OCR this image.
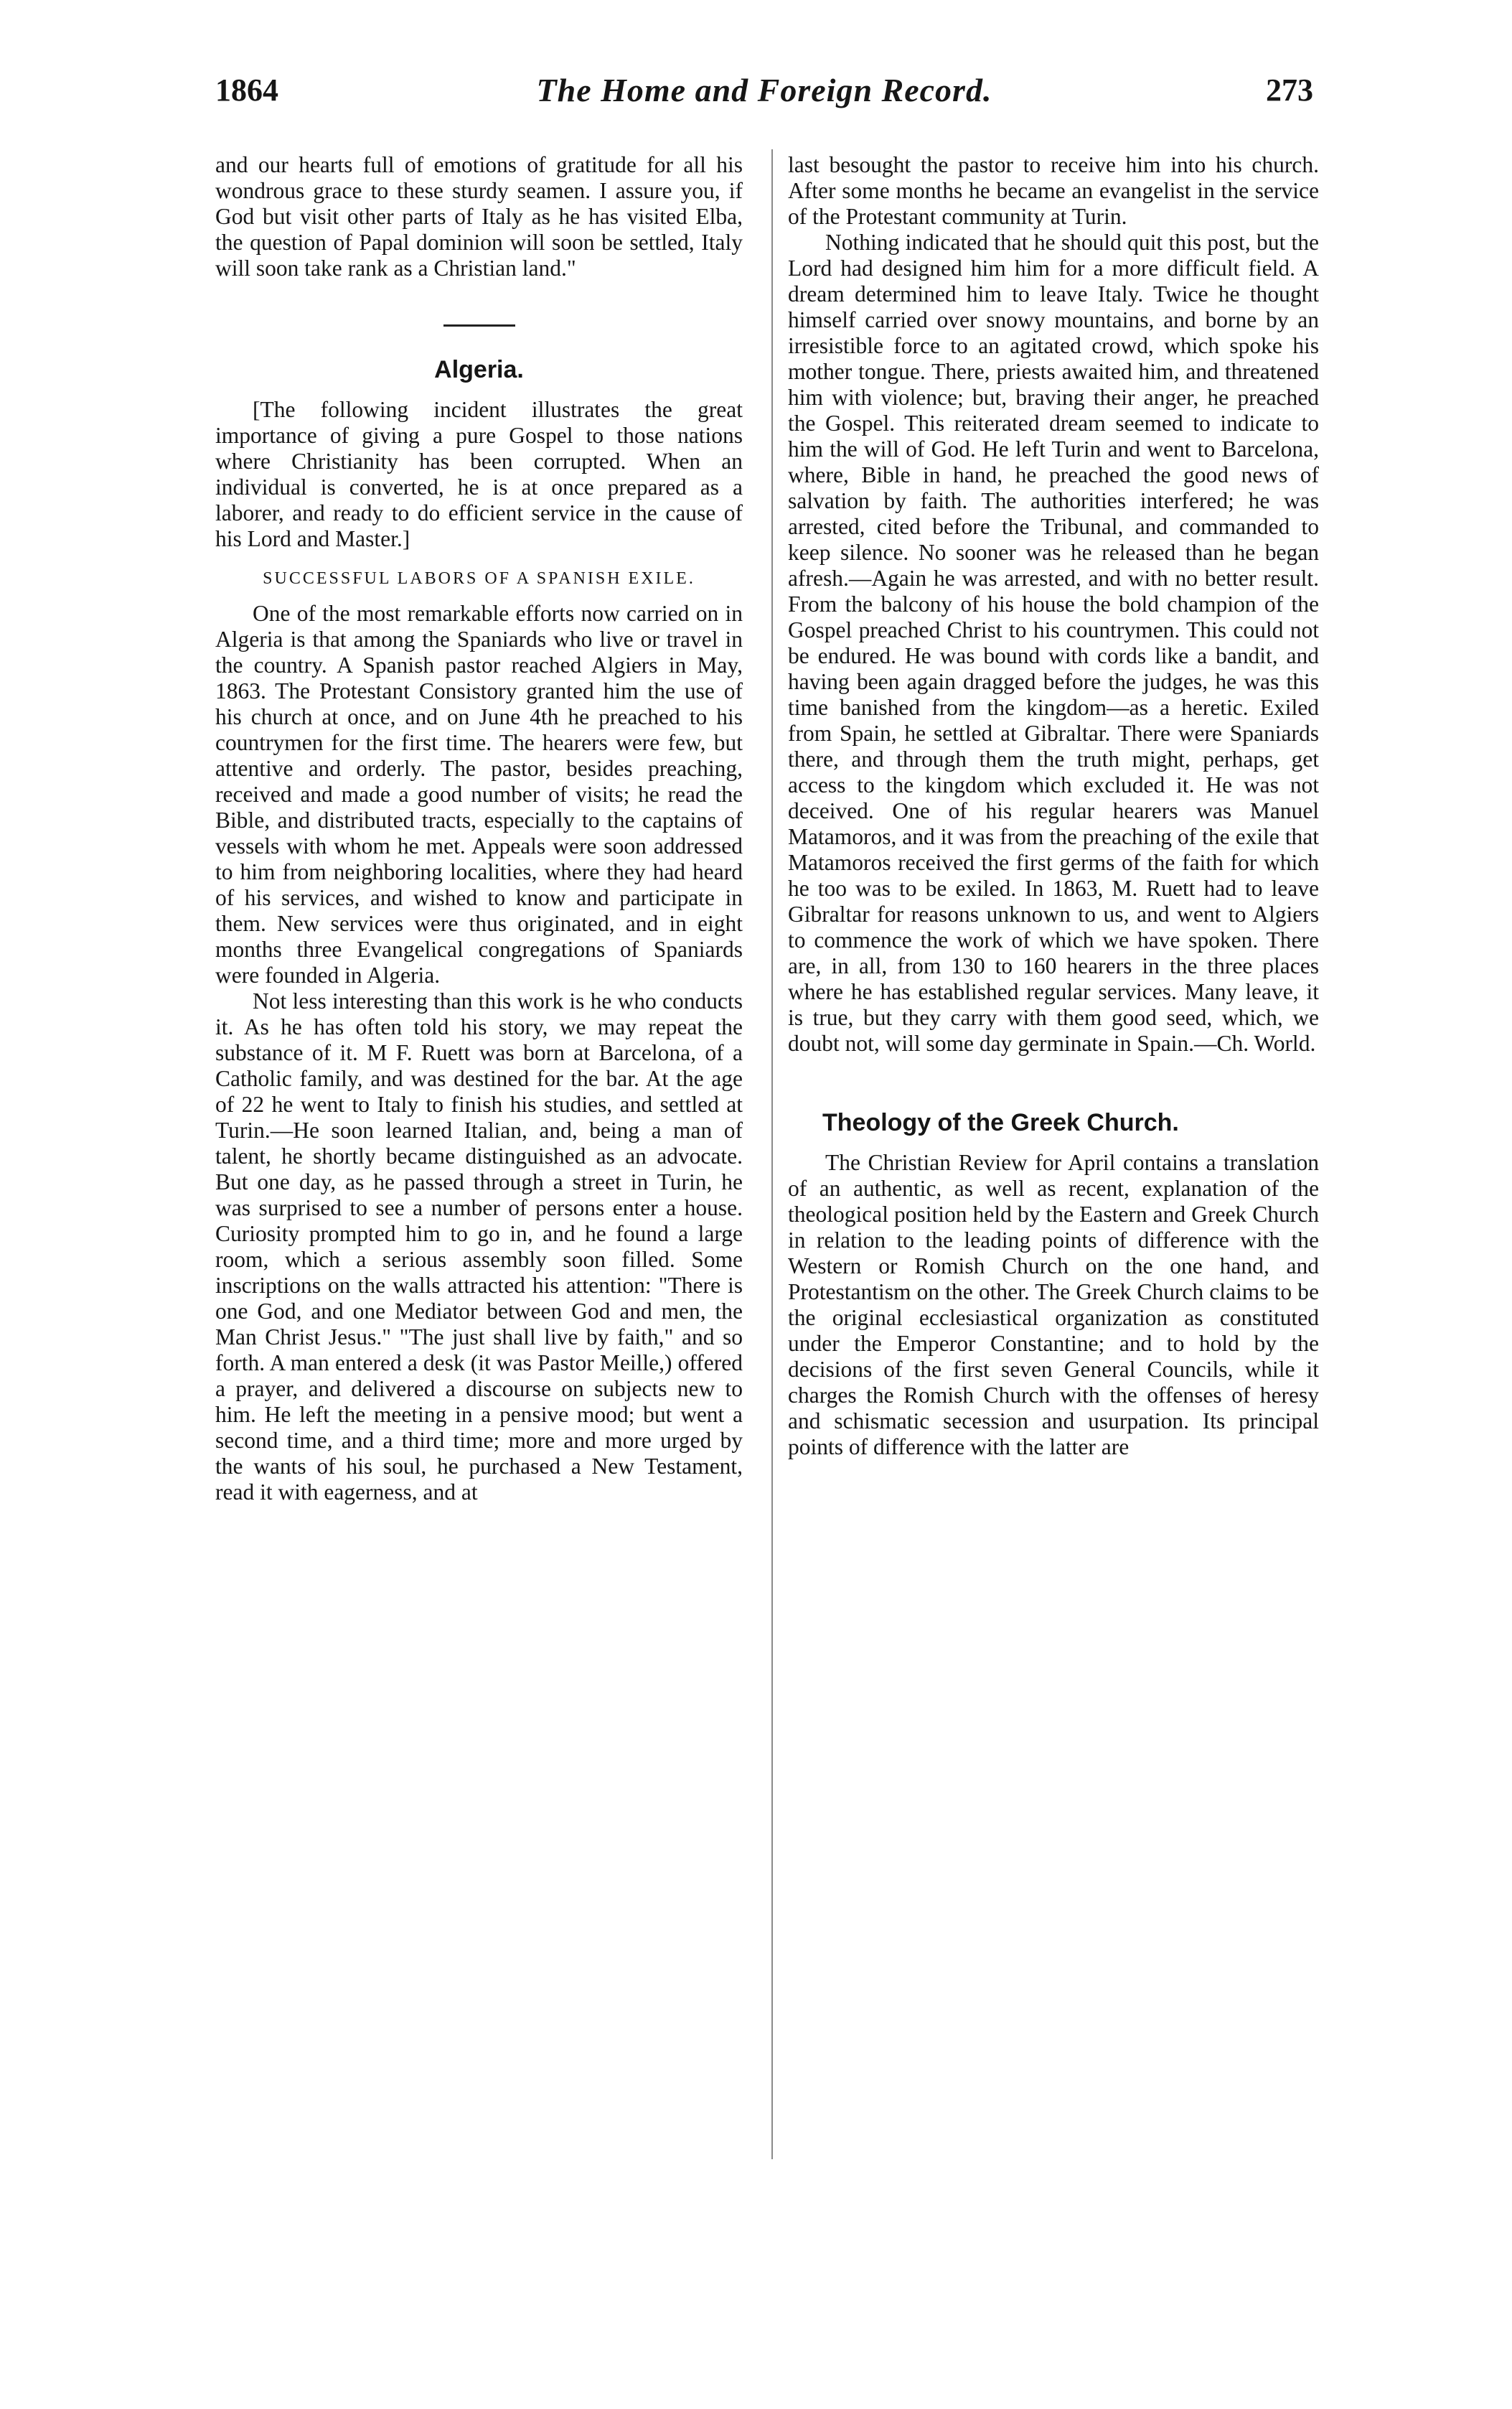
1864	The Home and Foreign Record.	273

and our hearts full of emotions of gratitude for all his wondrous grace to these sturdy seamen. I assure you, if God but visit other parts of Italy as he has visited Elba, the question of Papal dominion will soon be settled, Italy will soon take rank as a Christian land."

Algeria.

[The following incident illustrates the great importance of giving a pure Gospel to those nations where Christianity has been corrupted. When an individual is converted, he is at once prepared as a laborer, and ready to do efficient service in the cause of his Lord and Master.]

SUCCESSFUL LABORS OF A SPANISH EXILE.

One of the most remarkable efforts now carried on in Algeria is that among the Spaniards who live or travel in the country. A Spanish pastor reached Algiers in May, 1863. The Protestant Consistory granted him the use of his church at once, and on June 4th he preached to his countrymen for the first time. The hearers were few, but attentive and orderly. The pastor, besides preaching, received and made a good number of visits; he read the Bible, and distributed tracts, especially to the captains of vessels with whom he met. Appeals were soon addressed to him from neighboring localities, where they had heard of his services, and wished to know and participate in them. New services were thus originated, and in eight months three Evangelical congregations of Spaniards were founded in Algeria.

Not less interesting than this work is he who conducts it. As he has often told his story, we may repeat the substance of it. M F. Ruett was born at Barcelona, of a Catholic family, and was destined for the bar. At the age of 22 he went to Italy to finish his studies, and settled at Turin.—He soon learned Italian, and, being a man of talent, he shortly became distinguished as an advocate. But one day, as he passed through a street in Turin, he was surprised to see a number of persons enter a house. Curiosity prompted him to go in, and he found a large room, which a serious assembly soon filled. Some inscriptions on the walls attracted his attention: "There is one God, and one Mediator between God and men, the Man Christ Jesus." "The just shall live by faith," and so forth. A man entered a desk (it was Pastor Meille,) offered a prayer, and delivered a discourse on subjects new to him. He left the meeting in a pensive mood; but went a second time, and a third time; more and more urged by the wants of his soul, he purchased a New Testament, read it with eagerness, and at

last besought the pastor to receive him into his church. After some months he became an evangelist in the service of the Protestant community at Turin.

Nothing indicated that he should quit this post, but the Lord had designed him him for a more difficult field. A dream determined him to leave Italy. Twice he thought himself carried over snowy mountains, and borne by an irresistible force to an agitated crowd, which spoke his mother tongue. There, priests awaited him, and threatened him with violence; but, braving their anger, he preached the Gospel. This reiterated dream seemed to indicate to him the will of God. He left Turin and went to Barcelona, where, Bible in hand, he preached the good news of salvation by faith. The authorities interfered; he was arrested, cited before the Tribunal, and commanded to keep silence. No sooner was he released than he began afresh.—Again he was arrested, and with no better result. From the balcony of his house the bold champion of the Gospel preached Christ to his countrymen. This could not be endured. He was bound with cords like a bandit, and having been again dragged before the judges, he was this time banished from the kingdom—as a heretic. Exiled from Spain, he settled at Gibraltar. There were Spaniards there, and through them the truth might, perhaps, get access to the kingdom which excluded it. He was not deceived. One of his regular hearers was Manuel Matamoros, and it was from the preaching of the exile that Matamoros received the first germs of the faith for which he too was to be exiled. In 1863, M. Ruett had to leave Gibraltar for reasons unknown to us, and went to Algiers to commence the work of which we have spoken. There are, in all, from 130 to 160 hearers in the three places where he has established regular services. Many leave, it is true, but they carry with them good seed, which, we doubt not, will some day germinate in Spain.—Ch. World.

Theology of the Greek Church.

The Christian Review for April contains a translation of an authentic, as well as recent, explanation of the theological position held by the Eastern and Greek Church in relation to the leading points of difference with the Western or Romish Church on the one hand, and Protestantism on the other. The Greek Church claims to be the original ecclesiastical organization as constituted under the Emperor Constantine; and to hold by the decisions of the first seven General Councils, while it charges the Romish Church with the offenses of heresy and schismatic secession and usurpation. Its principal points of difference with the latter are
